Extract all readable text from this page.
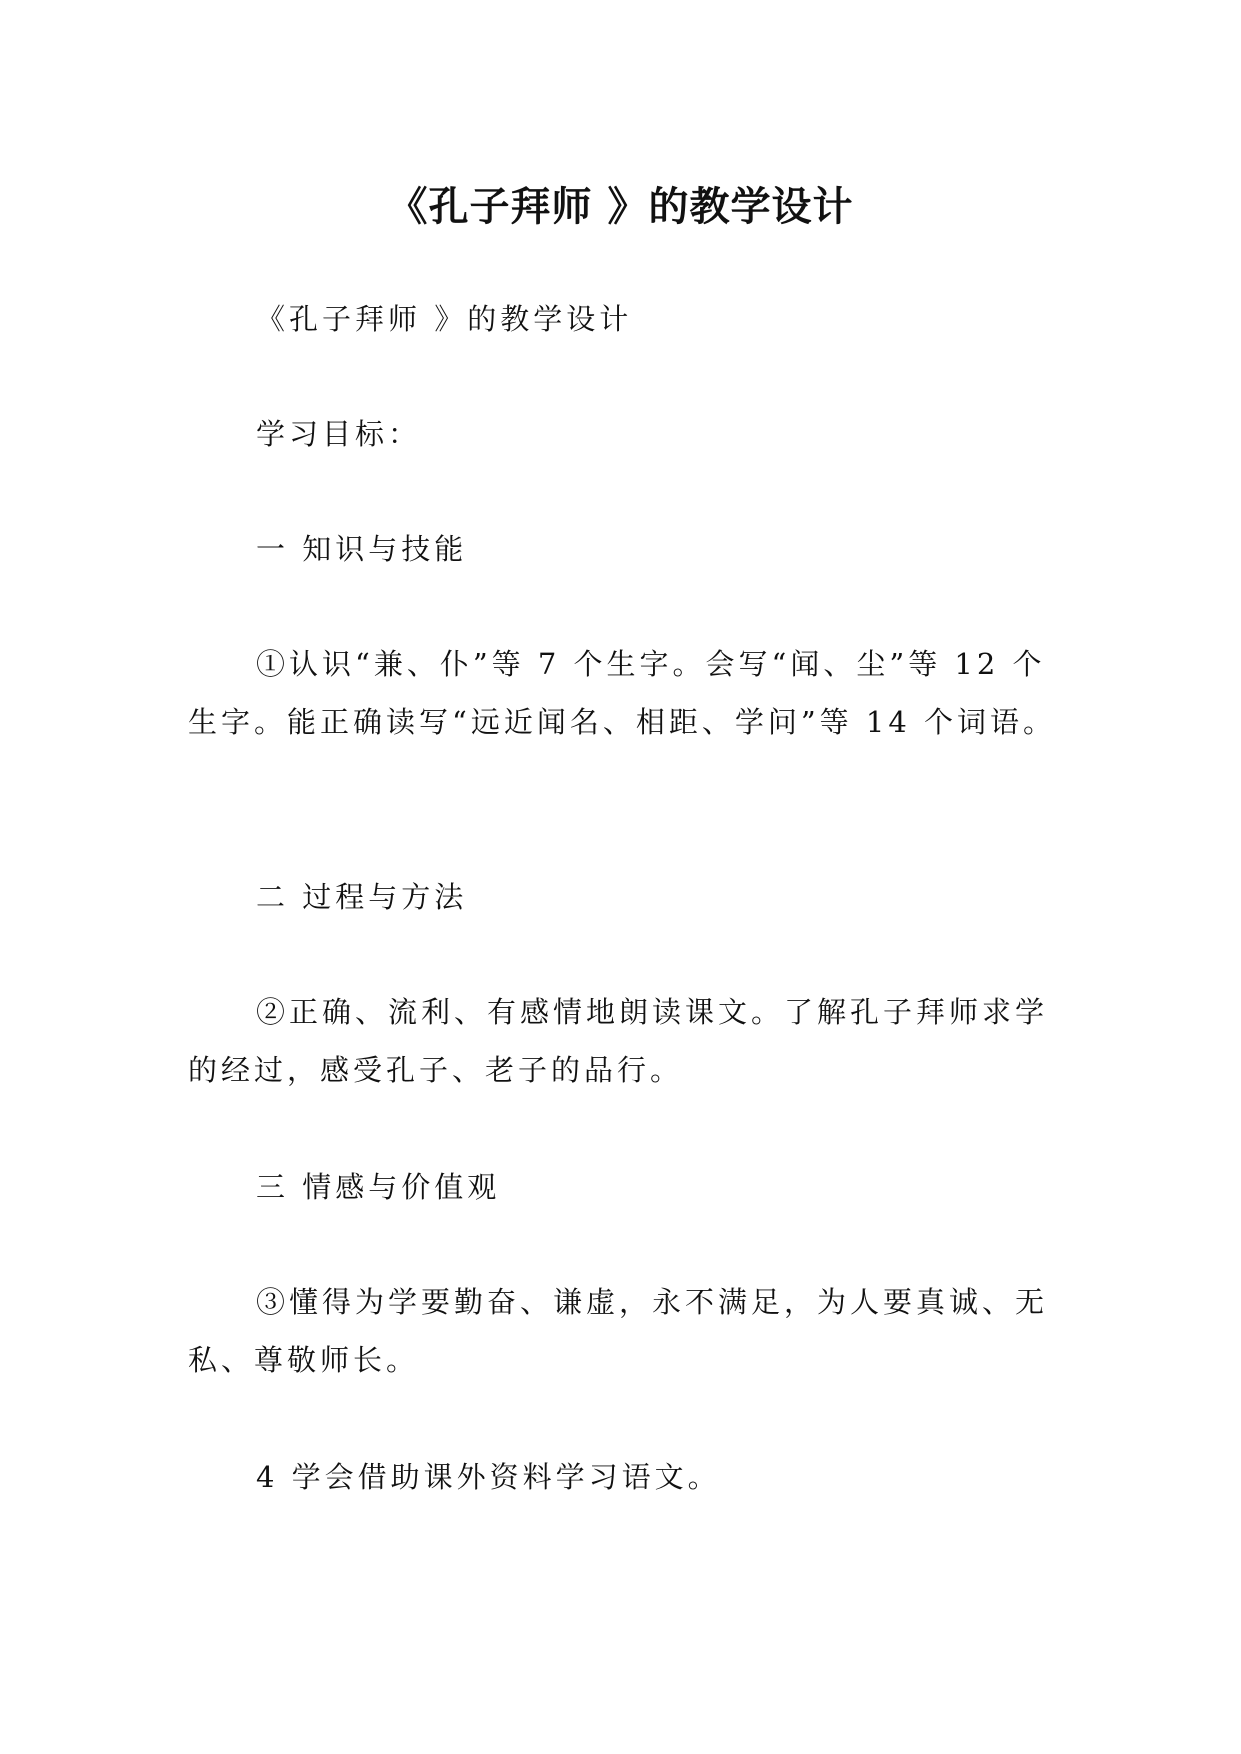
《孔子拜师 》的教学设计

《孔子拜师 》的教学设计

学习目标：

一 知识与技能

①认识“兼、仆”等 7 个生字。会写“闻、尘”等 12 个生字。能正确读写“远近闻名、相距、学问”等 14 个词语。

二 过程与方法

②正确、流利、有感情地朗读课文。了解孔子拜师求学的经过，感受孔子、老子的品行。

三 情感与价值观

③懂得为学要勤奋、谦虚，永不满足，为人要真诚、无私、尊敬师长。

4 学会借助课外资料学习语文。
